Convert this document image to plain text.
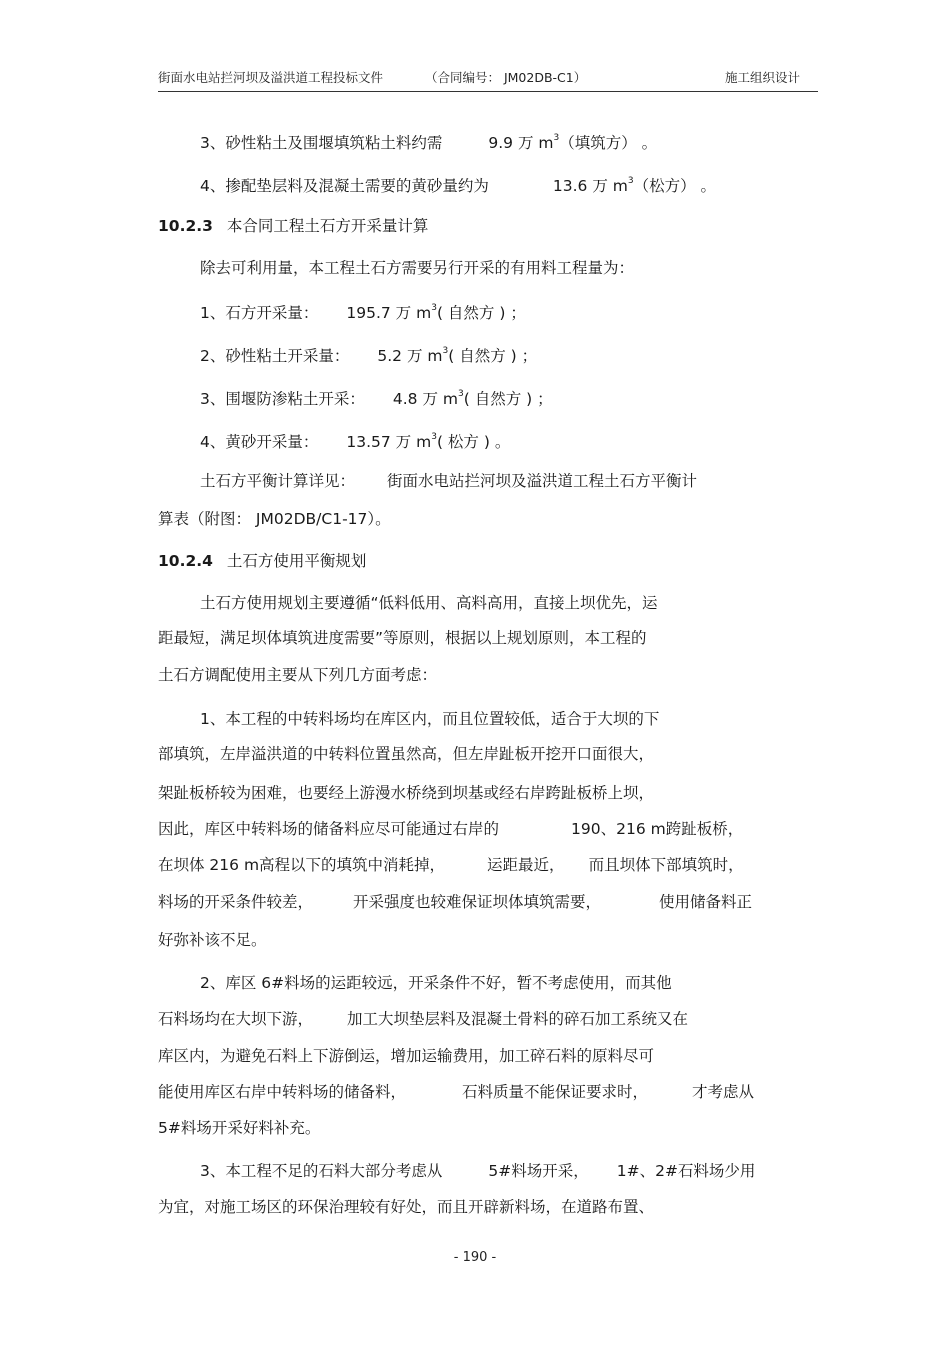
街面水电站拦河坝及溢洪道工程投标文件	（合同编号： JM02DB-C1）	施工组织设计
3、砂性粘土及围堰填筑粘土料约需	9.9 万 $m^3$（填筑方） 。
4、掺配垫层料及混凝土需要的黄砂量约为	13.6 万 $m^3$（松方） 。
10.2.3 本合同工程土石方开采量计算
除去可利用量，本工程土石方需要另行开采的有用料工程量为：
1、石方开采量： 195.7 万 $m^3$( 自然方 ) ；
2、砂性粘土开采量： 5.2 万 $m^3$( 自然方 ) ；
3、围堰防渗粘土开采： 4.8 万 $m^3$( 自然方 ) ；
4、黄砂开采量： 13.57 万 $m^3$( 松方 ) 。
土石方平衡计算详见： 街面水电站拦河坝及溢洪道工程土石方平衡计
算表（附图： JM02DB/C1-17）。
10.2.4 土石方使用平衡规划
土石方使用规划主要遵循“低料低用、高料高用，直接上坝优先，运
距最短，满足坝体填筑进度需要”等原则，根据以上规划原则，本工程的
土石方调配使用主要从下列几方面考虑：
1、本工程的中转料场均在库区内，而且位置较低，适合于大坝的下
部填筑，左岸溢洪道的中转料位置虽然高，但左岸趾板开挖开口面很大，
架趾板桥较为困难，也要经上游漫水桥绕到坝基或经右岸跨趾板桥上坝，
因此，库区中转料场的储备料应尽可能通过右岸的	190、216 m跨趾板桥，
在坝体 216 m高程以下的填筑中消耗掉，	运距最近， 而且坝体下部填筑时，
料场的开采条件较差，	开采强度也较难保证坝体填筑需要，	使用储备料正
好弥补该不足。
2、库区 6#料场的运距较远，开采条件不好，暂不考虑使用，而其他
石料场均在大坝下游， 加工大坝垫层料及混凝土骨料的碎石加工系统又在
库区内，为避免石料上下游倒运，增加运输费用，加工碎石料的原料尽可
能使用库区右岸中转料场的储备料，	石料质量不能保证要求时，	才考虑从
5#料场开采好料补充。
3、本工程不足的石料大部分考虑从	5#料场开采， 1#、2#石料场少用
为宜，对施工场区的环保治理较有好处，而且开辟新料场，在道路布置、
- 190 -
